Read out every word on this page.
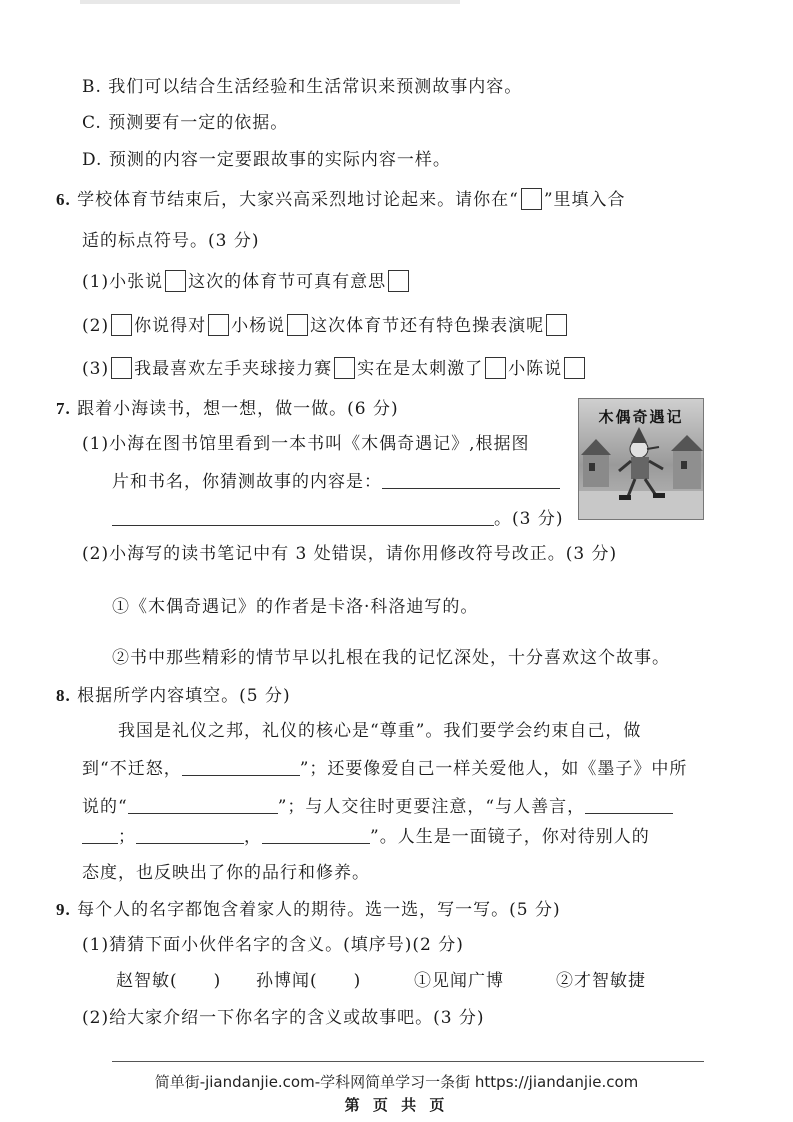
B. 我们可以结合生活经验和生活常识来预测故事内容。
C. 预测要有一定的依据。
D. 预测的内容一定要跟故事的实际内容一样。
6. 学校体育节结束后，大家兴高采烈地讨论起来。请你在“ ”里填入合
适的标点符号。(3 分)
(1)小张说 这次的体育节可真有意思
(2) 你说得对 小杨说 这次体育节还有特色操表演呢
(3) 我最喜欢左手夹球接力赛 实在是太刺激了 小陈说
7. 跟着小海读书，想一想，做一做。(6 分)
(1)小海在图书馆里看到一本书叫《木偶奇遇记》,根据图
片和书名，你猜测故事的内容是：
。(3 分)
木偶奇遇记
(2)小海写的读书笔记中有 3 处错误，请你用修改符号改正。(3 分)
①《木偶奇遇记》的作者是卡洛·科洛迪写的。
②书中那些精彩的情节早以扎根在我的记忆深处，十分喜欢这个故事。
8. 根据所学内容填空。(5 分)
我国是礼仪之邦，礼仪的核心是“尊重”。我们要学会约束自己，做
到“不迁怒，	”；还要像爱自己一样关爱他人，如《墨子》中所
说的“	”；与人交往时更要注意，“与人善言，
；	，	”。人生是一面镜子，你对待别人的
态度，也反映出了你的品行和修养。
9. 每个人的名字都饱含着家人的期待。选一选，写一写。(5 分)
(1)猜猜下面小伙伴名字的含义。(填序号)(2 分)
赵智敏(　　) 孙博闻(　　)	①见闻广博	②才智敏捷
(2)给大家介绍一下你名字的含义或故事吧。(3 分)
简单街-jiandanjie.com-学科网简单学习一条街 https://jiandanjie.com
第 页 共 页
